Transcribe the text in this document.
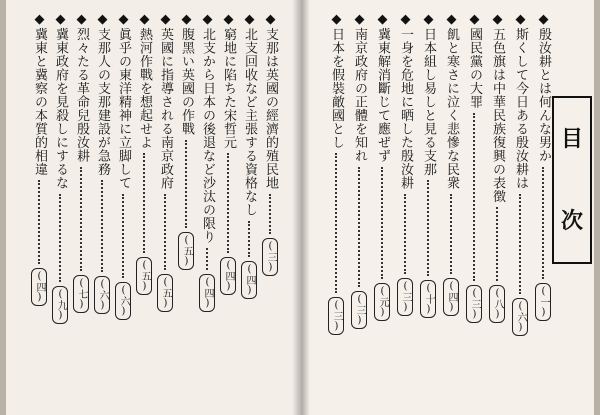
◆支那は英國の經濟的殖民地
(三)
◆北支回收など主張する資格なし
(四)
◆窮地に陷ちた宋哲元
(四)
◆北支から日本の後退など沙汰の限り
(四)
◆腹黑い英國の作戰
(五)
◆英國に指導される南京政府
(五)
◆熱河作戰を想起せよ
(五)
◆眞乎の東洋精神に立脚して
(六)
◆支那人の支那建設が急務
(六)
◆烈々たる革命兒殷汝耕
(七)
◆冀東政府を見殺しにするな
(九)
◆冀東と冀察の本質的相違
(四)
◆殷汝耕とは何んな男か
(一)
◆斯くして今日ある殷汝耕は
(六)
◆五色旗は中華民族復興の表徴
(八)
◆國民黨の大罪
(三)
◆飢と寒さに泣く悲慘な民衆
(四)
◆日本組し易しと見る支那
(十)
◆一身を危地に晒した殷汝耕
(三)
◆冀東解消斷じて應ぜず
(元)
◆南京政府の正體を知れ
(三)
◆日本を假裝敵國とし
(三)
目
次
